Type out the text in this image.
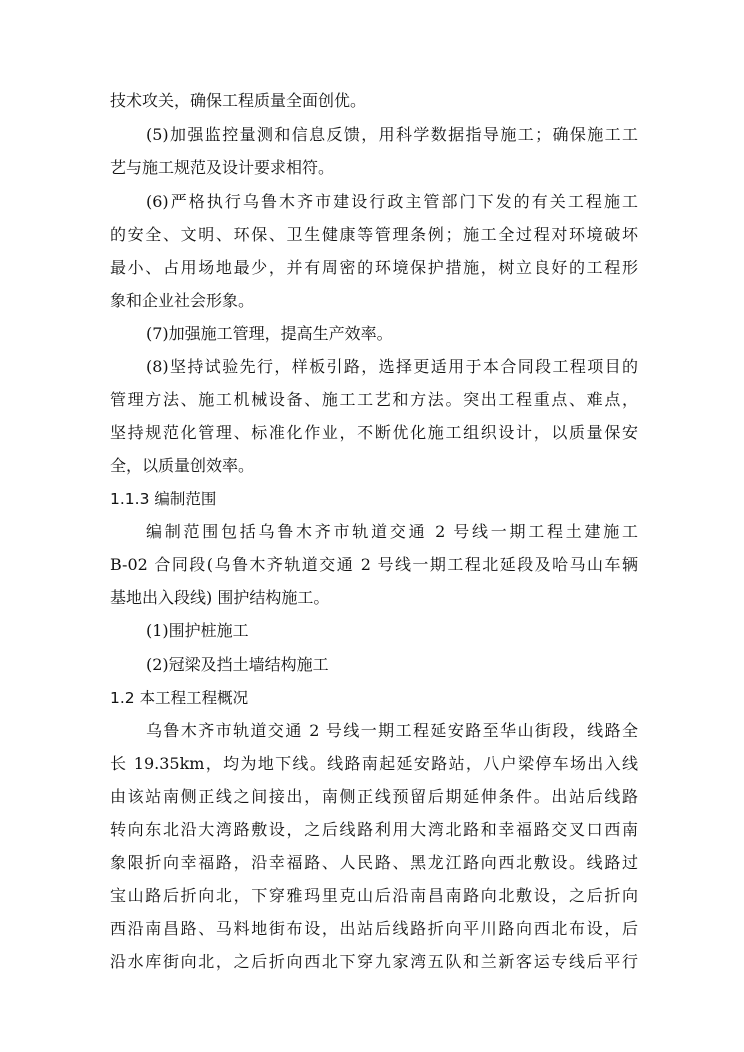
技术攻关，确保工程质量全面创优。
(5)加强监控量测和信息反馈，用科学数据指导施工；确保施工工
艺与施工规范及设计要求相符。
(6)严格执行乌鲁木齐市建设行政主管部门下发的有关工程施工
的安全、文明、环保、卫生健康等管理条例；施工全过程对环境破坏
最小、占用场地最少，并有周密的环境保护措施，树立良好的工程形
象和企业社会形象。
(7)加强施工管理，提高生产效率。
(8)坚持试验先行，样板引路，选择更适用于本合同段工程项目的
管理方法、施工机械设备、施工工艺和方法。突出工程重点、难点，
坚持规范化管理、标准化作业，不断优化施工组织设计，以质量保安
全，以质量创效率。
1.1.3 编制范围
编制范围包括乌鲁木齐市轨道交通 2 号线一期工程土建施工
B-02 合同段(乌鲁木齐轨道交通 2 号线一期工程北延段及哈马山车辆
基地出入段线) 围护结构施工。
(1)围护桩施工
(2)冠梁及挡土墙结构施工
1.2 本工程工程概况
乌鲁木齐市轨道交通 2 号线一期工程延安路至华山街段，线路全
长 19.35km，均为地下线。线路南起延安路站，八户梁停车场出入线
由该站南侧正线之间接出，南侧正线预留后期延伸条件。出站后线路
转向东北沿大湾路敷设，之后线路利用大湾北路和幸福路交叉口西南
象限折向幸福路，沿幸福路、人民路、黑龙江路向西北敷设。线路过
宝山路后折向北，下穿雅玛里克山后沿南昌南路向北敷设，之后折向
西沿南昌路、马料地街布设，出站后线路折向平川路向西北布设，后
沿水库街向北，之后折向西北下穿九家湾五队和兰新客运专线后平行
